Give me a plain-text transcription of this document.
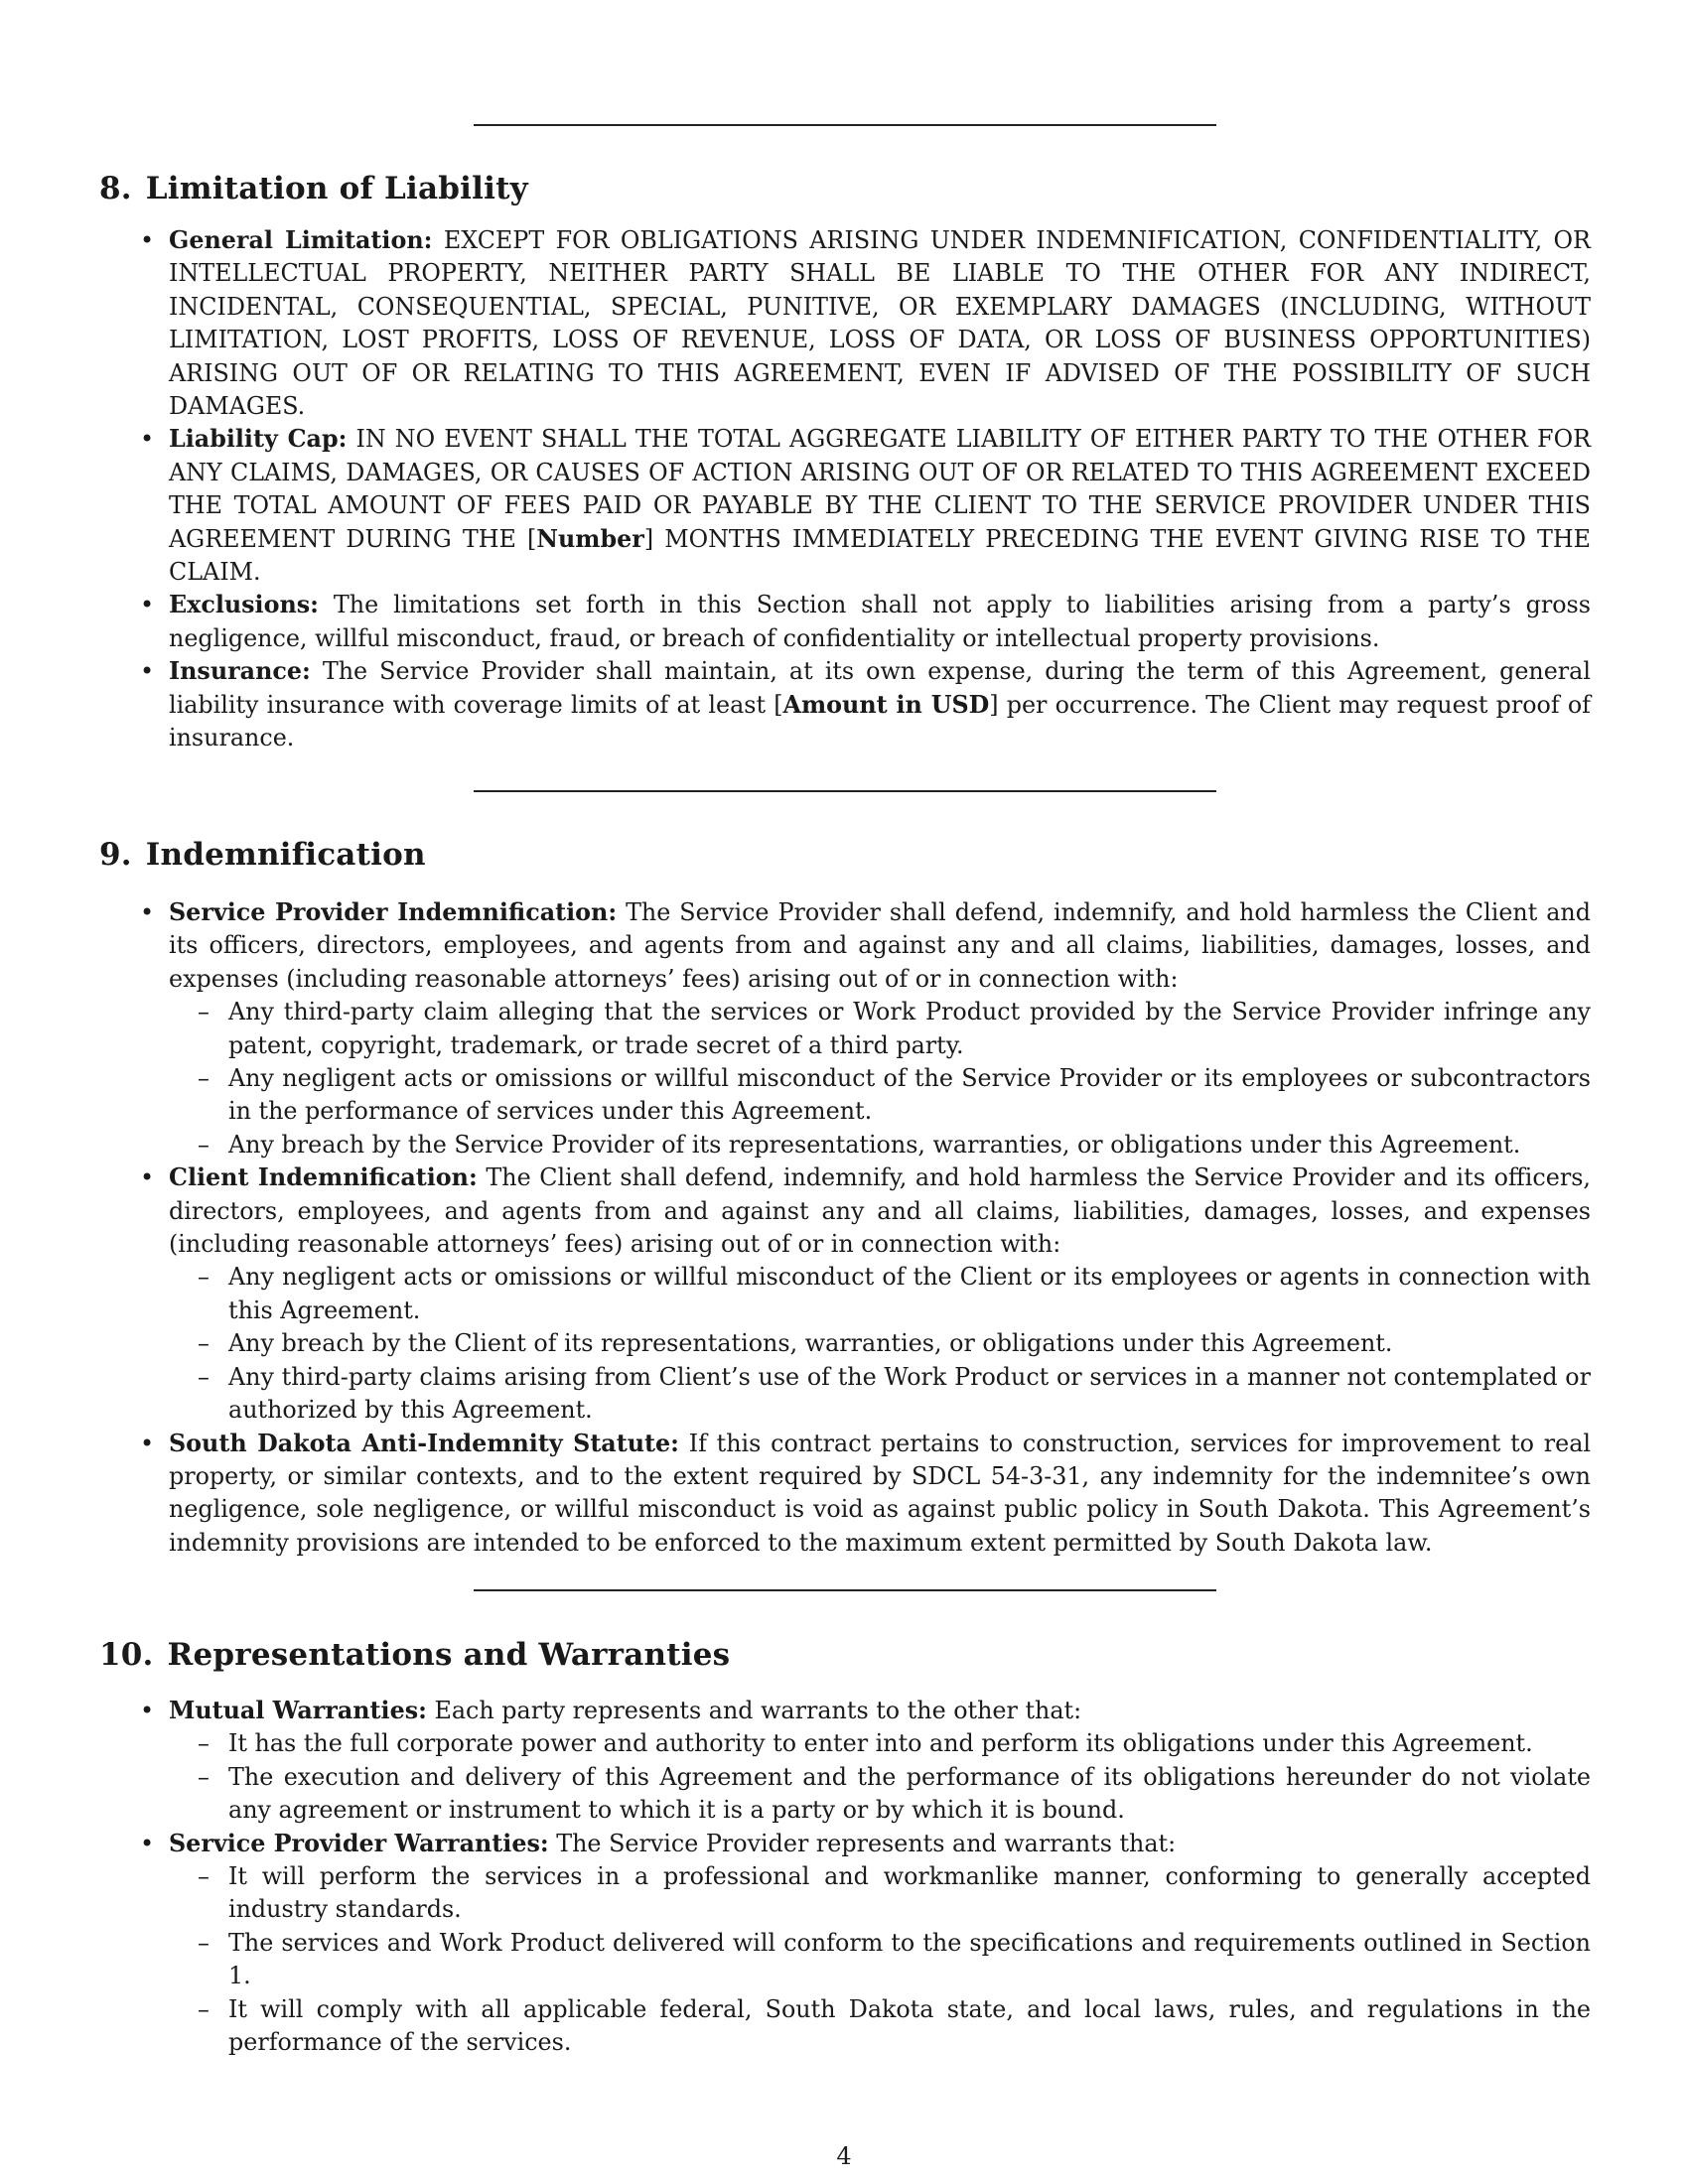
8. Limitation of Liability
• General Limitation: EXCEPT FOR OBLIGATIONS ARISING UNDER INDEMNIFICATION, CONFIDENTIALITY, OR INTELLECTUAL PROPERTY, NEITHER PARTY SHALL BE LIABLE TO THE OTHER FOR ANY INDIRECT, INCIDENTAL, CONSEQUENTIAL, SPECIAL, PUNITIVE, OR EXEMPLARY DAMAGES (INCLUDING, WITHOUT LIMITATION, LOST PROFITS, LOSS OF REVENUE, LOSS OF DATA, OR LOSS OF BUSINESS OPPORTUNITIES) ARISING OUT OF OR RELATING TO THIS AGREEMENT, EVEN IF ADVISED OF THE POSSIBILITY OF SUCH DAMAGES.
• Liability Cap: IN NO EVENT SHALL THE TOTAL AGGREGATE LIABILITY OF EITHER PARTY TO THE OTHER FOR ANY CLAIMS, DAMAGES, OR CAUSES OF ACTION ARISING OUT OF OR RELATED TO THIS AGREEMENT EXCEED THE TOTAL AMOUNT OF FEES PAID OR PAYABLE BY THE CLIENT TO THE SERVICE PROVIDER UNDER THIS AGREEMENT DURING THE [Number] MONTHS IMMEDIATELY PRECEDING THE EVENT GIVING RISE TO THE CLAIM.
• Exclusions: The limitations set forth in this Section shall not apply to liabilities arising from a party’s gross negligence, willful misconduct, fraud, or breach of confidentiality or intellectual property provisions.
• Insurance: The Service Provider shall maintain, at its own expense, during the term of this Agreement, general liability insurance with coverage limits of at least [Amount in USD] per occurrence. The Client may request proof of insurance.
9. Indemnification
• Service Provider Indemnification: The Service Provider shall defend, indemnify, and hold harmless the Client and its officers, directors, employees, and agents from and against any and all claims, liabilities, damages, losses, and expenses (including reasonable attorneys’ fees) arising out of or in connection with:
– Any third-party claim alleging that the services or Work Product provided by the Service Provider infringe any patent, copyright, trademark, or trade secret of a third party.
– Any negligent acts or omissions or willful misconduct of the Service Provider or its employees or subcontractors in the performance of services under this Agreement.
– Any breach by the Service Provider of its representations, warranties, or obligations under this Agreement.
• Client Indemnification: The Client shall defend, indemnify, and hold harmless the Service Provider and its officers, directors, employees, and agents from and against any and all claims, liabilities, damages, losses, and expenses (including reasonable attorneys’ fees) arising out of or in connection with:
– Any negligent acts or omissions or willful misconduct of the Client or its employees or agents in connection with this Agreement.
– Any breach by the Client of its representations, warranties, or obligations under this Agreement.
– Any third-party claims arising from Client’s use of the Work Product or services in a manner not contemplated or authorized by this Agreement.
• South Dakota Anti-Indemnity Statute: If this contract pertains to construction, services for improvement to real property, or similar contexts, and to the extent required by SDCL 54-3-31, any indemnity for the indemnitee’s own negligence, sole negligence, or willful misconduct is void as against public policy in South Dakota. This Agreement’s indemnity provisions are intended to be enforced to the maximum extent permitted by South Dakota law.
10. Representations and Warranties
• Mutual Warranties: Each party represents and warrants to the other that:
– It has the full corporate power and authority to enter into and perform its obligations under this Agreement.
– The execution and delivery of this Agreement and the performance of its obligations hereunder do not violate any agreement or instrument to which it is a party or by which it is bound.
• Service Provider Warranties: The Service Provider represents and warrants that:
– It will perform the services in a professional and workmanlike manner, conforming to generally accepted industry standards.
– The services and Work Product delivered will conform to the specifications and requirements outlined in Section 1.
– It will comply with all applicable federal, South Dakota state, and local laws, rules, and regulations in the performance of the services.
4
